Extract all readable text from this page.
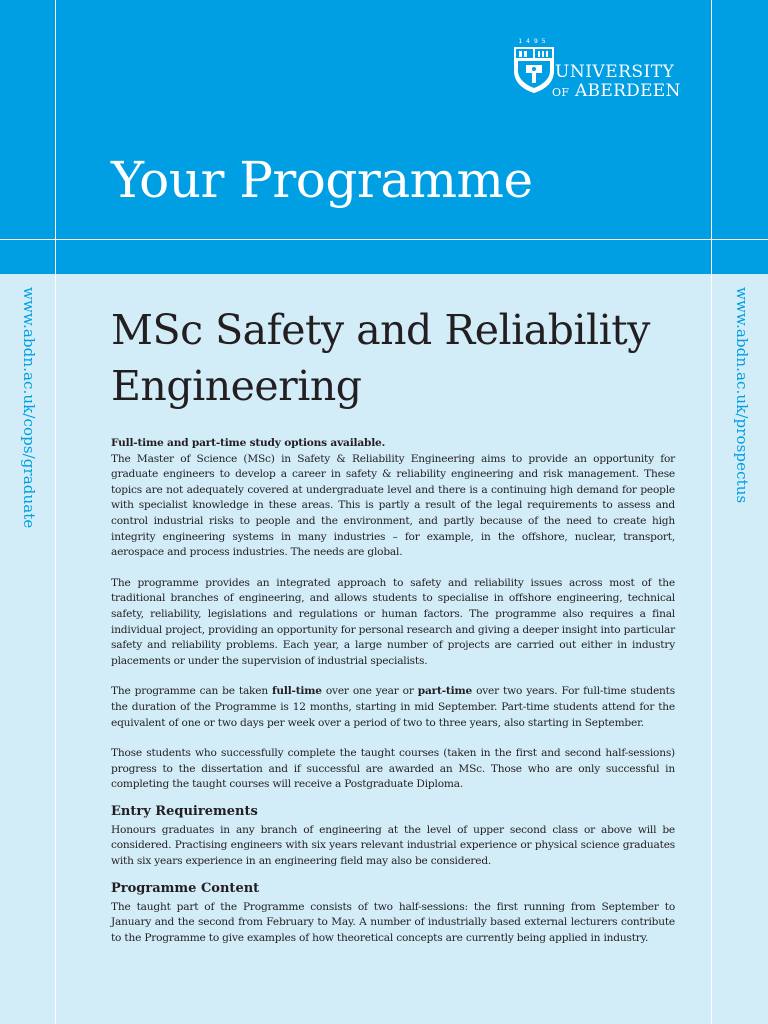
1495
UNIVERSITY
OF ABERDEEN
Your Programme
www.abdn.ac.uk/cops/graduate	www.abdn.ac.uk/prospectus
MSc Safety and Reliability Engineering

Full-time and part-time study options available.
The Master of Science (MSc) in Safety & Reliability Engineering aims to provide an opportunity for graduate engineers to develop a career in safety & reliability engineering and risk management. These topics are not adequately covered at undergraduate level and there is a continuing high demand for people with specialist knowledge in these areas. This is partly a result of the legal requirements to assess and control industrial risks to people and the environment, and partly because of the need to create high integrity engineering systems in many industries – for example, in the offshore, nuclear, transport, aerospace and process industries. The needs are global.

The programme provides an integrated approach to safety and reliability issues across most of the traditional branches of engineering, and allows students to specialise in offshore engineering, technical safety, reliability, legislations and regulations or human factors. The programme also requires a final individual project, providing an opportunity for personal research and giving a deeper insight into particular safety and reliability problems. Each year, a large number of projects are carried out either in industry placements or under the supervision of industrial specialists.

The programme can be taken full-time over one year or part-time over two years. For full-time students the duration of the Programme is 12 months, starting in mid September. Part-time students attend for the equivalent of one or two days per week over a period of two to three years, also starting in September.

Those students who successfully complete the taught courses (taken in the first and second half-sessions) progress to the dissertation and if successful are awarded an MSc. Those who are only successful in completing the taught courses will receive a Postgraduate Diploma.

Entry Requirements

Honours graduates in any branch of engineering at the level of upper second class or above will be considered. Practising engineers with six years relevant industrial experience or physical science graduates with six years experience in an engineering field may also be considered.

Programme Content

The taught part of the Programme consists of two half-sessions: the first running from September to January and the second from February to May. A number of industrially based external lecturers contribute to the Programme to give examples of how theoretical concepts are currently being applied in industry.
